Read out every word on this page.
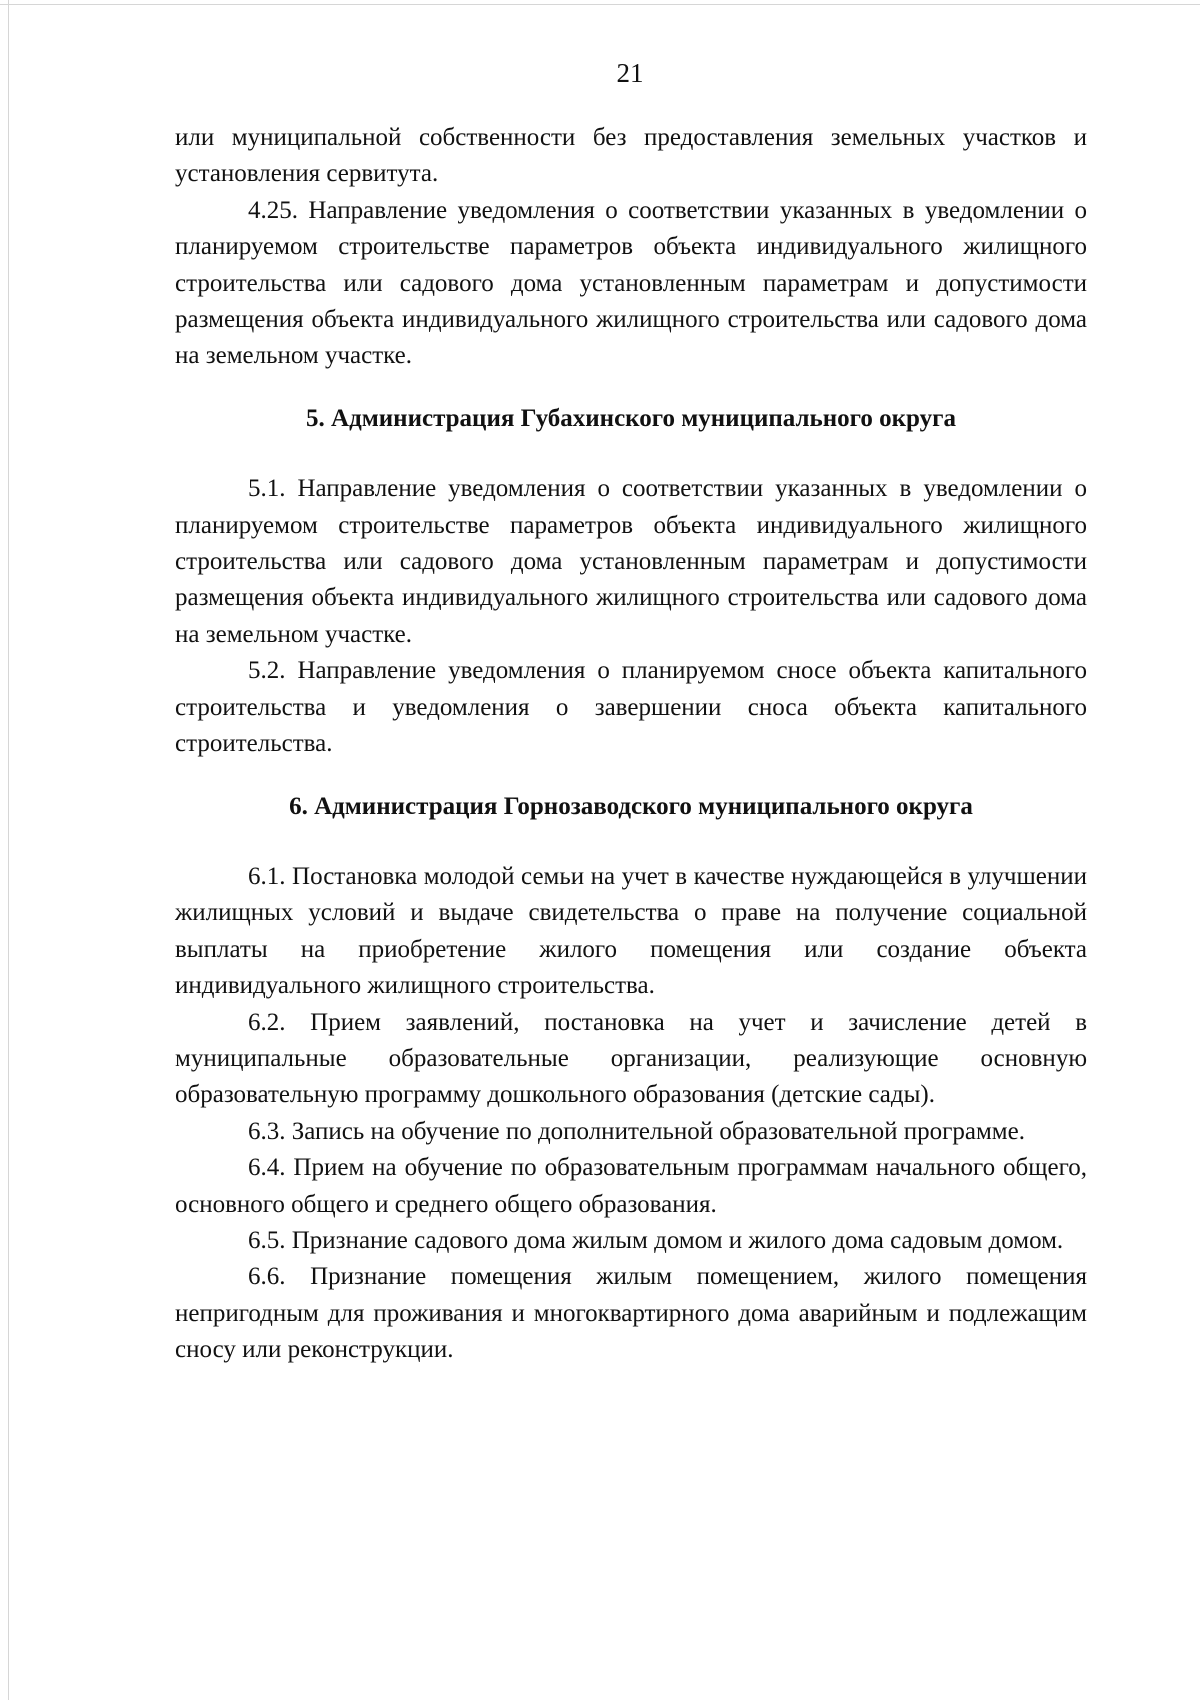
21

или муниципальной собственности без предоставления земельных участков и установления сервитута.

4.25. Направление уведомления о соответствии указанных в уведомлении о планируемом строительстве параметров объекта индивидуального жилищного строительства или садового дома установленным параметрам и допустимости размещения объекта индивидуального жилищного строительства или садового дома на земельном участке.

5. Администрация Губахинского муниципального округа

5.1. Направление уведомления о соответствии указанных в уведомлении о планируемом строительстве параметров объекта индивидуального жилищного строительства или садового дома установленным параметрам и допустимости размещения объекта индивидуального жилищного строительства или садового дома на земельном участке.

5.2. Направление уведомления о планируемом сносе объекта капитального строительства и уведомления о завершении сноса объекта капитального строительства.

6. Администрация Горнозаводского муниципального округа

6.1. Постановка молодой семьи на учет в качестве нуждающейся в улучшении жилищных условий и выдаче свидетельства о праве на получение социальной выплаты на приобретение жилого помещения или создание объекта индивидуального жилищного строительства.

6.2. Прием заявлений, постановка на учет и зачисление детей в муниципальные образовательные организации, реализующие основную образовательную программу дошкольного образования (детские сады).

6.3. Запись на обучение по дополнительной образовательной программе.

6.4. Прием на обучение по образовательным программам начального общего, основного общего и среднего общего образования.

6.5. Признание садового дома жилым домом и жилого дома садовым домом.

6.6. Признание помещения жилым помещением, жилого помещения непригодным для проживания и многоквартирного дома аварийным и подлежащим сносу или реконструкции.
